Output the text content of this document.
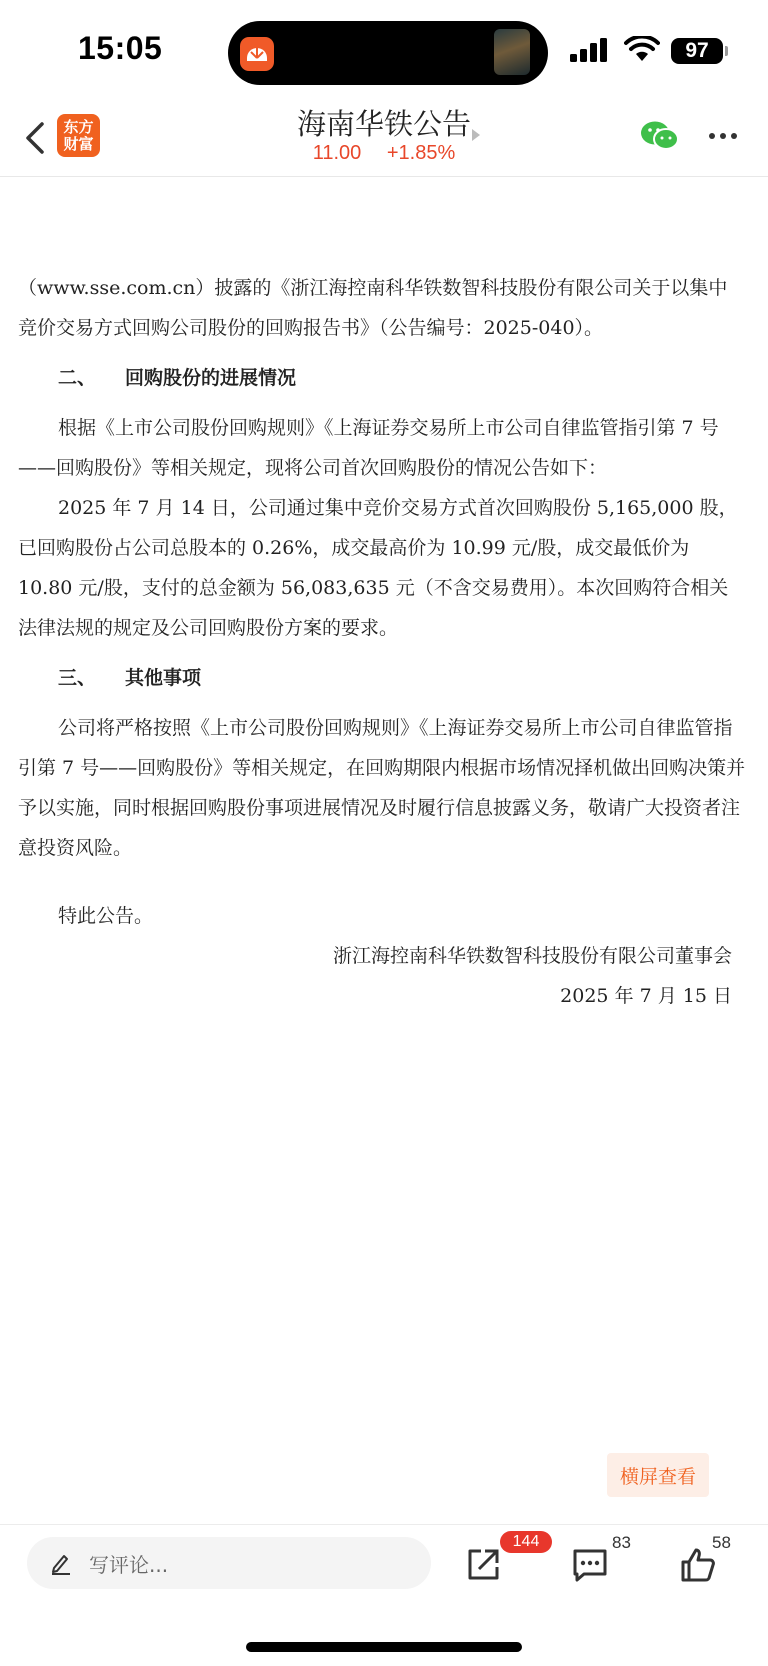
15:05	97
东方
财富
海南华铁公告
11.00 +1.85%

（www.sse.com.cn）披露的《浙江海控南科华铁数智科技股份有限公司关于以集中竞价交易方式回购公司股份的回购报告书》（公告编号：2025-040）。

二、 回购股份的进展情况

根据《上市公司股份回购规则》《上海证券交易所上市公司自律监管指引第 7 号——回购股份》等相关规定，现将公司首次回购股份的情况公告如下：

2025 年 7 月 14 日，公司通过集中竞价交易方式首次回购股份 5,165,000 股，已回购股份占公司总股本的 0.26%，成交最高价为 10.99 元/股，成交最低价为 10.80 元/股，支付的总金额为 56,083,635 元（不含交易费用）。本次回购符合相关法律法规的规定及公司回购股份方案的要求。

三、 其他事项

公司将严格按照《上市公司股份回购规则》《上海证券交易所上市公司自律监管指引第 7 号——回购股份》等相关规定，在回购期限内根据市场情况择机做出回购决策并予以实施，同时根据回购股份事项进展情况及时履行信息披露义务，敬请广大投资者注意投资风险。

特此公告。

浙江海控南科华铁数智科技股份有限公司董事会

2025 年 7 月 15 日

横屏查看
写评论...
144	83	58
